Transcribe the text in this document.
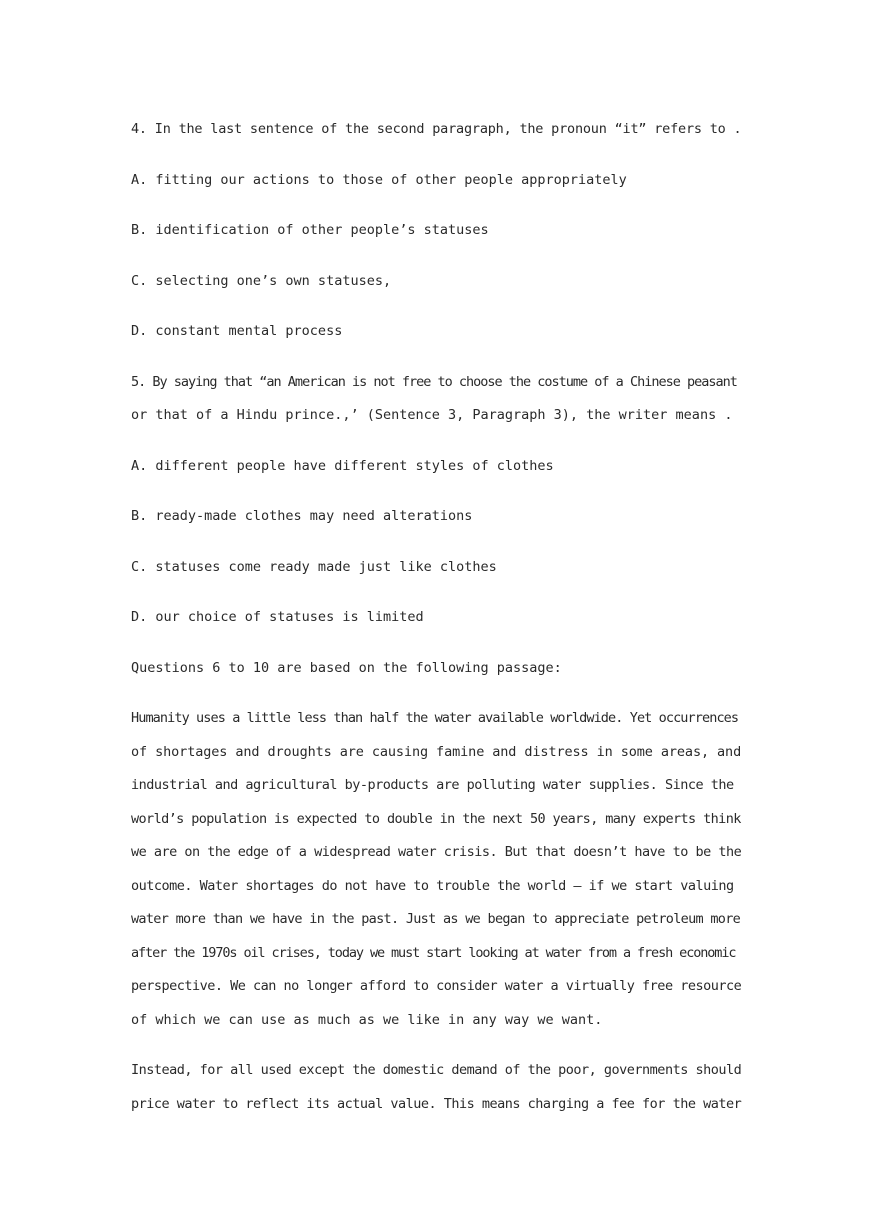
4. In the last sentence of the second paragraph, the pronoun “it” refers to .
A. fitting our actions to those of other people appropriately
B. identification of other people’s statuses
C. selecting one’s own statuses,
D. constant mental process
5. By saying that “an American is not free to choose the costume of a Chinese peasant
or that of a Hindu prince.,’ (Sentence 3, Paragraph 3), the writer means .
A. different people have different styles of clothes
B. ready-made clothes may need alterations
C. statuses come ready made just like clothes
D. our choice of statuses is limited
Questions 6 to 10 are based on the following passage:
Humanity uses a little less than half the water available worldwide. Yet occurrences
of shortages and droughts are causing famine and distress in some areas, and
industrial and agricultural by-products are polluting water supplies. Since the
world’s population is expected to double in the next 50 years, many experts think
we are on the edge of a widespread water crisis. But that doesn’t have to be the
outcome. Water shortages do not have to trouble the world — if we start valuing
water more than we have in the past. Just as we began to appreciate petroleum more
after the 1970s oil crises, today we must start looking at water from a fresh economic
perspective. We can no longer afford to consider water a virtually free resource
of which we can use as much as we like in any way we want.
Instead, for all used except the domestic demand of the poor, governments should
price water to reflect its actual value. This means charging a fee for the water
